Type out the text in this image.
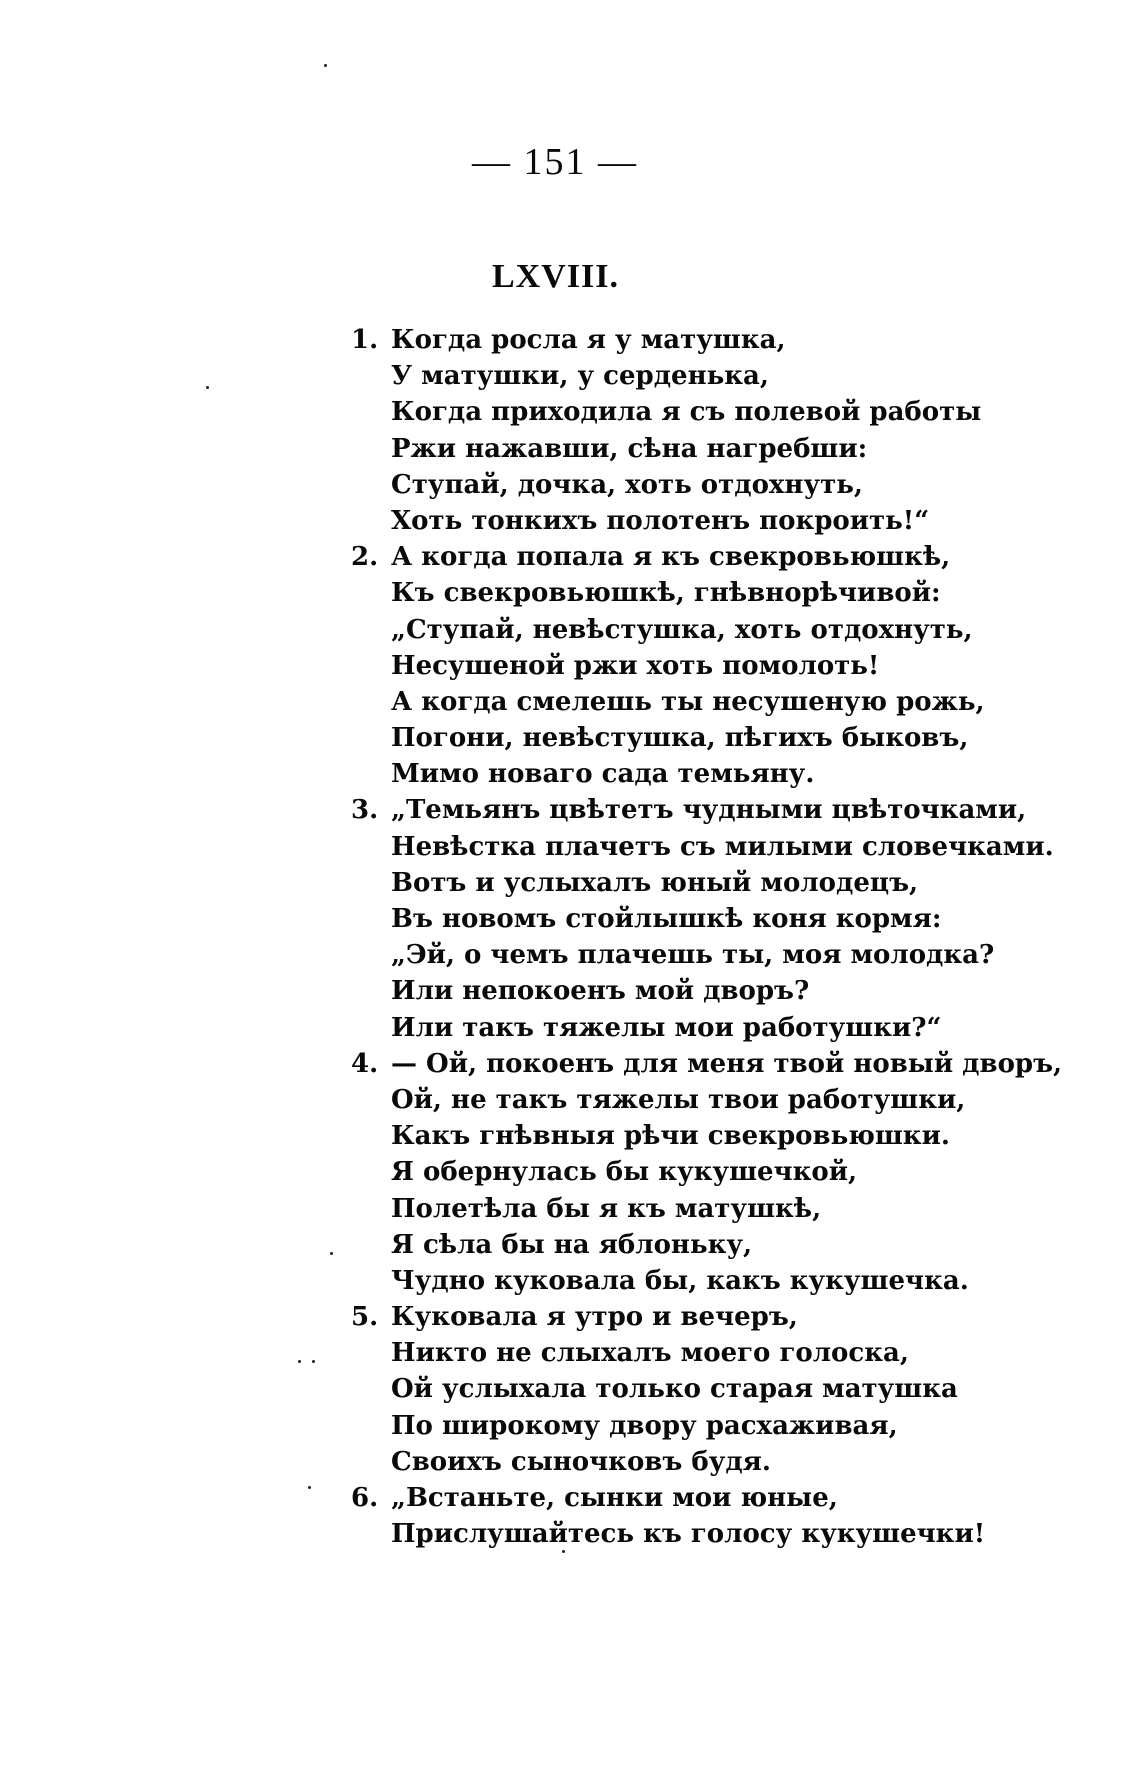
— 151 —
LXVIII.
1. Когда росла я у матушка,
У матушки, у серденька,
Когда приходила я съ полевой работы
Ржи нажавши, сѣна нагребши:
Ступай, дочка, хоть отдохнуть,
Хоть тонкихъ полотенъ покроить!“
2. А когда попала я къ свекровьюшкѣ,
Къ свекровьюшкѣ, гнѣвнорѣчивой:
„Ступай, невѣстушка, хоть отдохнуть,
Несушеной ржи хоть помолоть!
А когда смелешь ты несушеную рожь,
Погони, невѣстушка, пѣгихъ быковъ,
Мимо новаго сада темьяну.
3. „Темьянъ цвѣтетъ чудными цвѣточками,
Невѣстка плачетъ съ милыми словечками.
Вотъ и услыхалъ юный молодецъ,
Въ новомъ стойлышкѣ коня кормя:
„Эй, о чемъ плачешь ты, моя молодка?
Или непокоенъ мой дворъ?
Или такъ тяжелы мои работушки?“
4. — Ой, покоенъ для меня твой новый дворъ,
Ой, не такъ тяжелы твои работушки,
Какъ гнѣвныя рѣчи свекровьюшки.
Я обернулась бы кукушечкой,
Полетѣла бы я къ матушкѣ,
Я сѣла бы на яблоньку,
Чудно куковала бы, какъ кукушечка.
5. Куковала я утро и вечеръ,
Никто не слыхалъ моего голоска,
Ой услыхала только старая матушка
По широкому двору расхаживая,
Своихъ сыночковъ будя.
6. „Встаньте, сынки мои юные,
Прислушайтесь къ голосу кукушечки!
